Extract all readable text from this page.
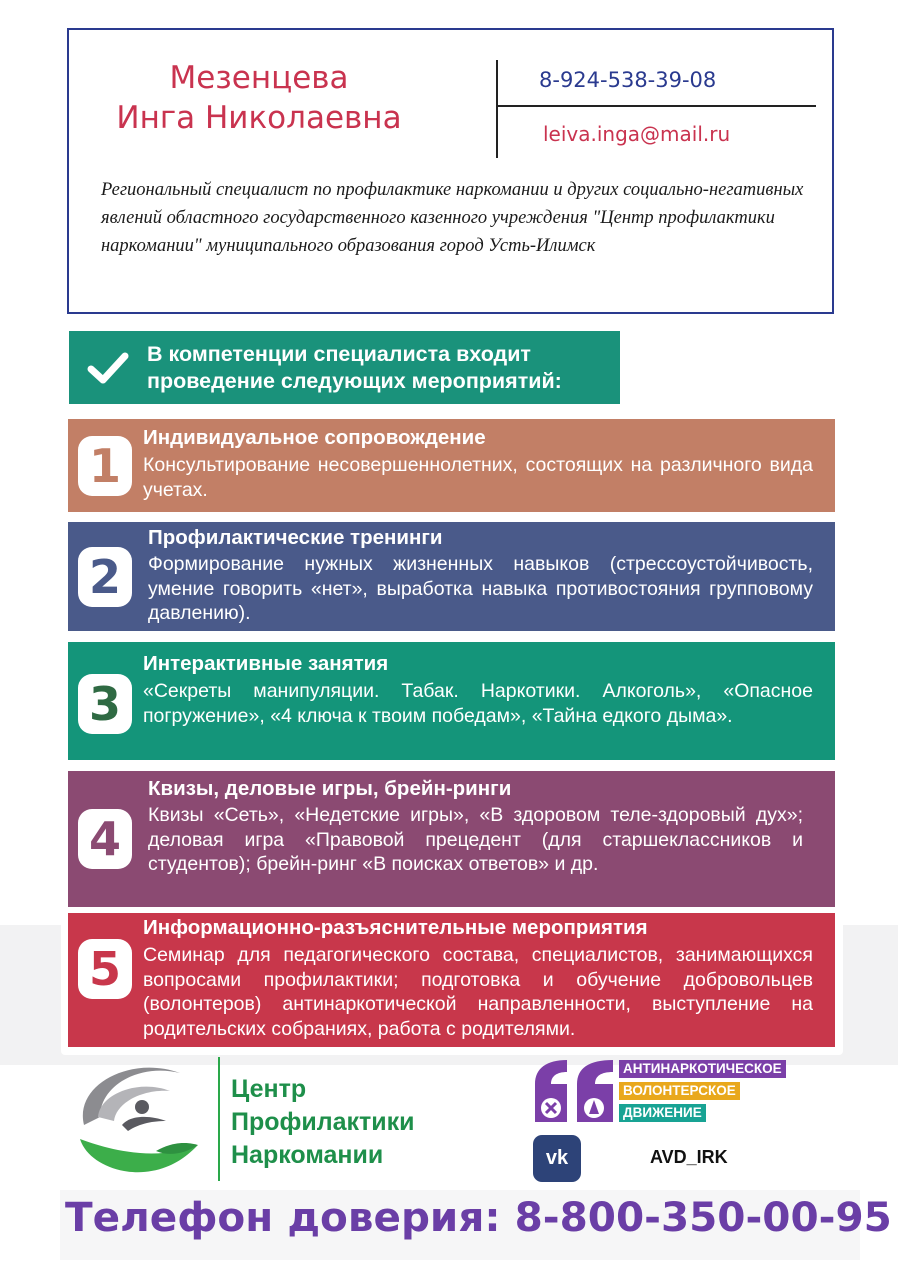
Мезенцева
Инга Николаевна
8-924-538-39-08
leiva.inga@mail.ru
Региональный специалист по профилактике наркомании и других социально-негативных явлений областного государственного казенного учреждения "Центр профилактики наркомании" муниципального образования город Усть-Илимск
В компетенции специалиста входит
проведение следующих мероприятий:
1
Индивидуальное сопровождение
Консультирование несовершеннолетних, состоящих на различного вида учетах.
2
Профилактические тренинги
Формирование нужных жизненных навыков (стрессоустойчивость, умение говорить «нет», выработка навыка противостояния групповому давлению).
3
Интерактивные занятия
«Секреты манипуляции. Табак. Наркотики. Алкоголь», «Опасное погружение», «4 ключа к твоим победам», «Тайна едкого дыма».
4
Квизы, деловые игры, брейн-ринги
Квизы «Сеть», «Недетские игры», «В здоровом теле-здоровый дух»; деловая игра «Правовой прецедент (для старшеклассников и студентов); брейн-ринг «В поисках ответов» и др.
5
Информационно-разъяснительные мероприятия
Семинар для педагогического состава, специалистов, занимающихся вопросами профилактики; подготовка и обучение добровольцев (волонтеров) антинаркотической направленности, выступление на родительских собраниях, работа с родителями.
Центр
Профилактики
Наркомании
АНТИНАРКОТИЧЕСКОЕ
ВОЛОНТЕРСКОЕ
ДВИЖЕНИЕ
vk	AVD_IRK
Телефон доверия: 8-800-350-00-95
